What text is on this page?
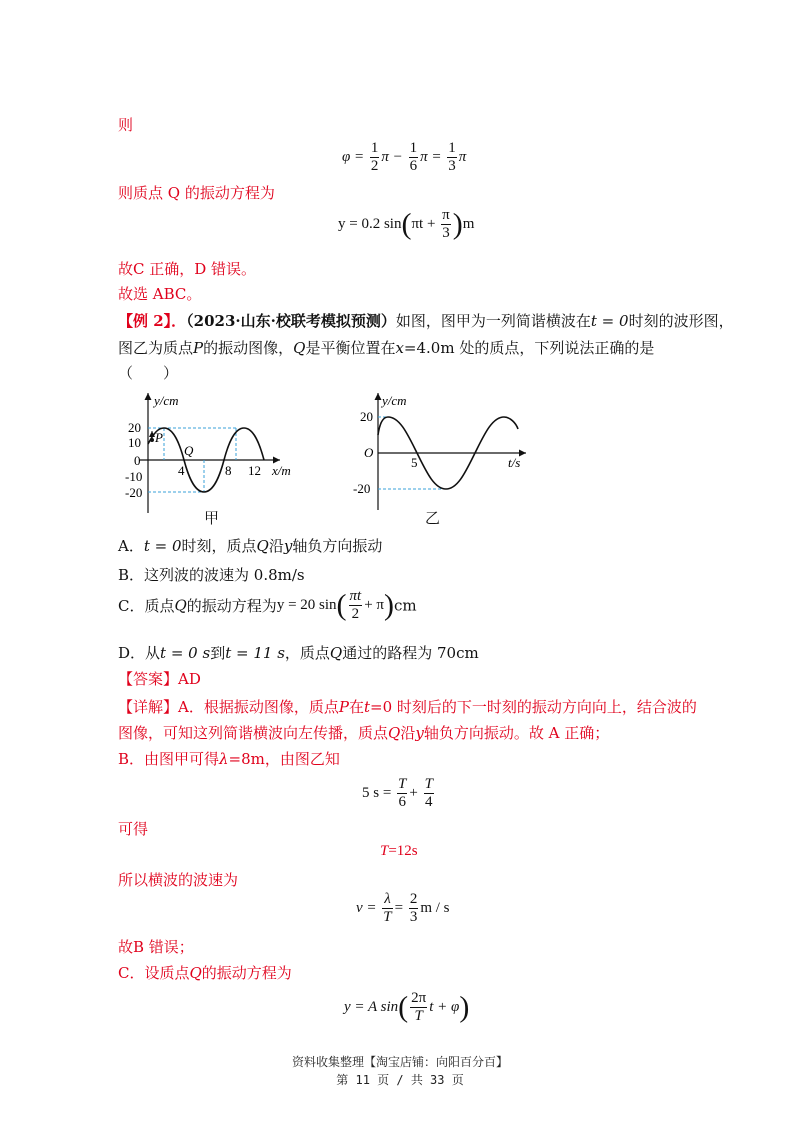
则
$\varphi = \frac{1}{2}$ $\pi - \frac{1}{6}$ $\pi = \frac{1}{3}$ π
则质点 Q 的振动方程为
y = 0.2 $\sin(\pi t + \frac{\pi}{3} )m$
故C 正确，D 错误。
故选 ABC。
【例 2】．（2023·山东·校联考模拟预测）如图，图甲为一列简谐横波在t = 0时刻的波形图，
图乙为质点P的振动图像，Q是平衡位置在x=4.0m 处的质点，下列说法正确的是
（　　）
y/cm
x/m
20
10
0
-10
-20
4	8 12
P
Q
甲
y/cm
t/s
O
20
-20
5
乙
A．t = 0时刻，质点Q沿y轴负方向振动
B．这列波的波速为 0.8m/s
C．质点Q的振动方程为y = 20 $\sin( \frac{\pi t}{2} + \pi)cm$
D．从t = 0 s到t = 11 s，质点Q通过的路程为 70cm
【答案】AD
【详解】A．根据振动图像，质点P在t=0 时刻后的下一时刻的振动方向向上，结合波的
图像，可知这列简谐横波向左传播，质点Q沿y轴负方向振动。故 A 正确；
B．由图甲可得λ=8m，由图乙知
5 $s = \frac{T}{6} + \frac{T}{4}$
可得
T=12s
所以横波的波速为
$v = \frac{\lambda}{T} = \frac{2}{3}$ m / s
故B 错误；
C．设质点Q的振动方程为
y = A $\sin( \frac{2\pi}{T}$ t + φ)
资料收集整理【淘宝店铺：向阳百分百】
第 11 页 / 共 33 页
